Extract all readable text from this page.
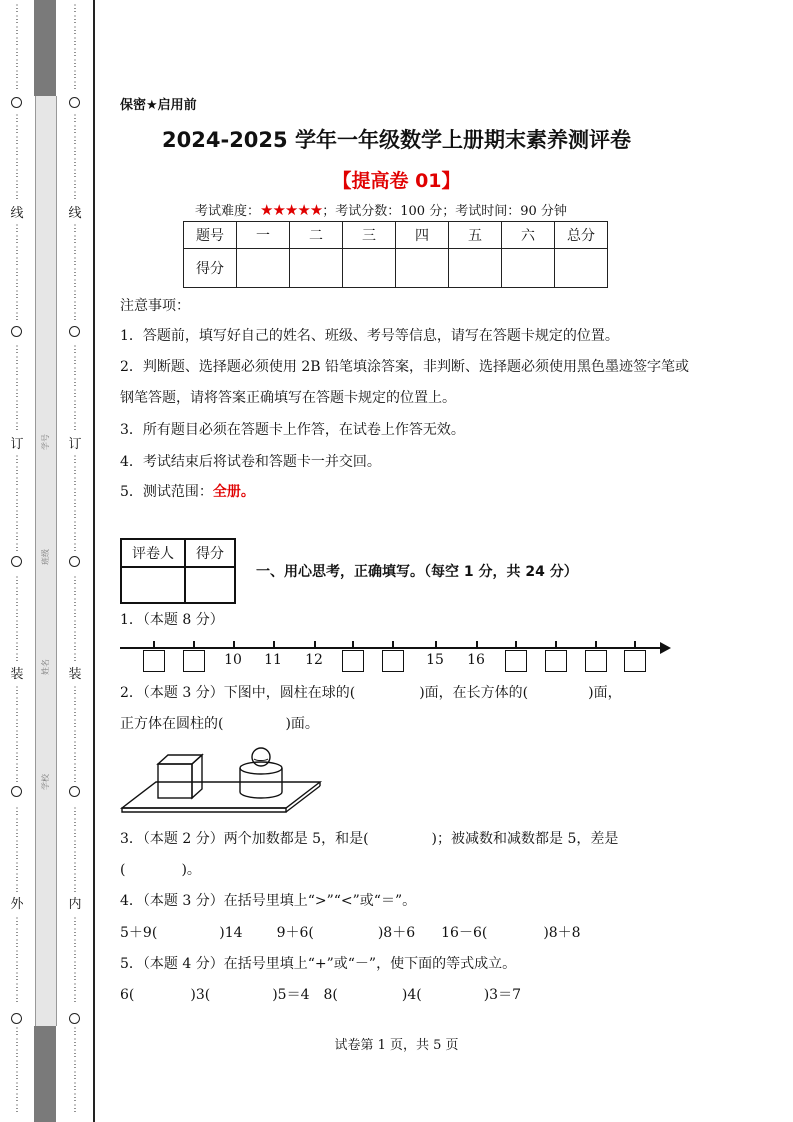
学号
班级
姓名
学校
⋮
⋮
⋮
⋮
⋮
⋮
⋮
⋮
⋮
⋮
⋮
⋮
⋮
⋮
⋮
⋮
⋮
⋮
⋮
⋮
⋮
⋮
⋮
⋮
⋮
⋮
⋮
⋮
⋮
⋮
⋮
⋮
⋮
⋮
⋮
⋮
⋮
⋮
⋮
⋮
⋮
⋮
⋮
⋮
⋮
⋮
⋮
⋮
⋮
⋮
⋮
⋮
⋮
⋮
⋮
⋮
⋮
⋮
⋮
⋮
⋮
⋮
⋮
⋮
⋮
⋮
⋮
⋮
⋮
⋮
⋮
⋮
⋮
⋮
⋮
⋮
⋮
⋮
⋮
⋮
⋮
⋮
⋮
⋮
⋮
⋮
⋮
⋮
⋮
⋮
⋮
⋮
⋮
⋮
⋮
⋮
⋮
⋮
⋮
⋮
⋮
⋮
⋮
⋮
⋮
⋮
⋮
⋮
⋮
⋮
⋮
⋮
⋮
⋮
⋮
⋮
⋮
⋮
⋮
⋮
⋮
⋮
⋮
⋮
⋮
⋮
⋮
⋮
⋮
⋮
⋮
⋮
⋮
⋮
⋮
⋮
⋮
⋮
⋮
⋮
⋮
⋮
⋮
⋮
⋮
⋮
⋮
⋮
⋮
⋮
⋮
⋮
⋮
⋮
⋮
⋮
⋮
⋮
⋮
⋮
⋮
⋮
⋮
⋮
⋮
⋮
线
订
装
外
线
订
装
内
保密★启用前
2024-2025 学年一年级数学上册期末素养测评卷
【提高卷 01】
考试难度：★★★★★；考试分数：100 分；考试时间：90 分钟
题号	一	二	三	四	五	六	总分
得分							
注意事项：
1．答题前，填写好自己的姓名、班级、考号等信息，请写在答题卡规定的位置。
2．判断题、选择题必须使用 2B 铅笔填涂答案，非判断、选择题必须使用黑色墨迹签字笔或
钢笔答题，请将答案正确填写在答题卡规定的位置上。
3．所有题目必须在答题卡上作答，在试卷上作答无效。
4．考试结束后将试卷和答题卡一并交回。
5．测试范围：全册。
评卷人	得分

一、用心思考，正确填写。（每空 1 分，共 24 分）
1．（本题 8 分）
10 11 12	15 16
2．（本题 3 分）下图中，圆柱在球的(	)面，在长方体的(	)面，
正方体在圆柱的(	)面。
3．（本题 2 分）两个加数都是 5，和是(	)；被减数和减数都是 5，差是
(	)。
4．（本题 3 分）在括号里填上“>”“<”或“＝”。
5＋9(	)14 9＋6(	)8＋6 16－6(	)8＋8
5．（本题 4 分）在括号里填上“+”或“－”，使下面的等式成立。
6(	)3(	)5＝4 8(	)4(	)3＝7
试卷第 1 页，共 5 页
